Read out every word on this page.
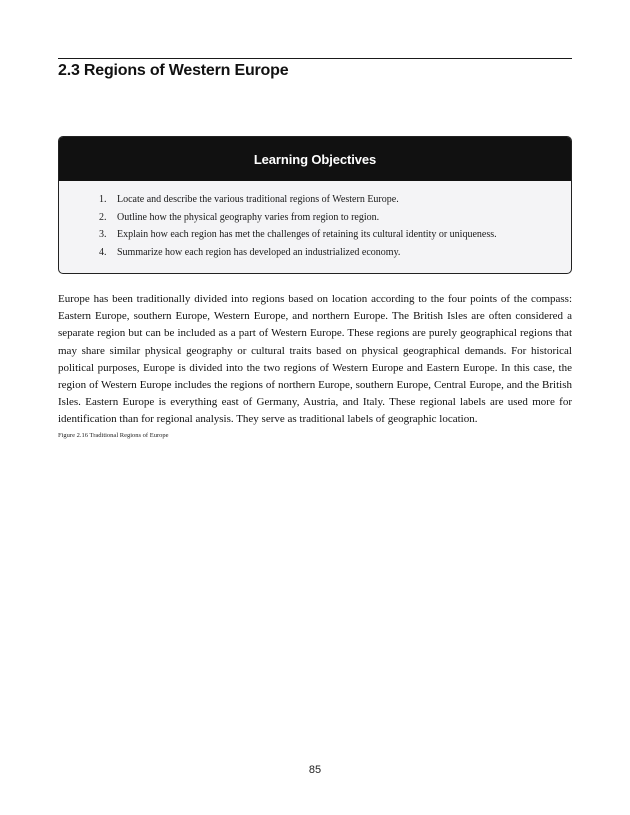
2.3 Regions of Western Europe
Learning Objectives
1.	Locate and describe the various traditional regions of Western Europe.
2.	Outline how the physical geography varies from region to region.
3.	Explain how each region has met the challenges of retaining its cultural identity or uniqueness.
4.	Summarize how each region has developed an industrialized economy.

Europe has been traditionally divided into regions based on location according to the four points of the compass: Eastern Europe, southern Europe, Western Europe, and northern Europe. The British Isles are often considered a separate region but can be included as a part of Western Europe. These regions are purely geographical regions that may share similar physical geography or cultural traits based on physical geographical demands. For historical political purposes, Europe is divided into the two regions of Western Europe and Eastern Europe. In this case, the region of Western Europe includes the regions of northern Europe, southern Europe, Central Europe, and the British Isles. Eastern Europe is everything east of Germany, Austria, and Italy. These regional labels are used more for identification than for regional analysis. They serve as traditional labels of geographic location.

Figure 2.16 Traditional Regions of Europe
85
